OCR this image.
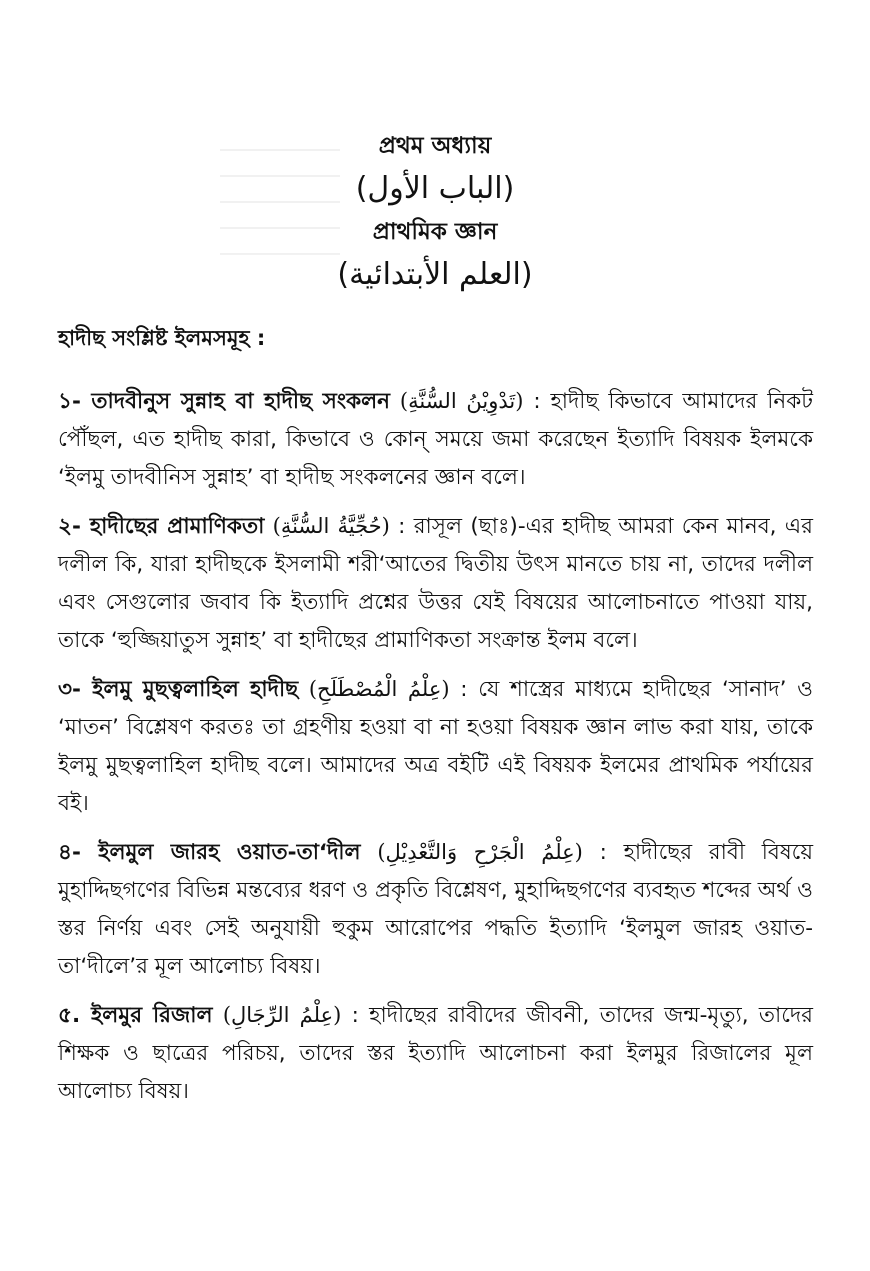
প্রথম অধ্যায়

(الباب الأول)

প্রাথমিক জ্ঞান

(العلم الأبتدائية)

হাদীছ সংশ্লিষ্ট ইলমসমূহ :

১- তাদবীনুস সুন্নাহ বা হাদীছ সংকলন (تَدْوِيْنُ السُّنَّةِ) : হাদীছ কিভাবে আমাদের নিকট পৌঁছল, এত হাদীছ কারা, কিভাবে ও কোন্ সময়ে জমা করেছেন ইত্যাদি বিষয়ক ইলমকে ‘ইলমু তাদবীনিস সুন্নাহ’ বা হাদীছ সংকলনের জ্ঞান বলে।

২- হাদীছের প্রামাণিকতা (حُجِّيَّةُ السُّنَّةِ) : রাসূল (ছাঃ)-এর হাদীছ আমরা কেন মানব, এর দলীল কি, যারা হাদীছকে ইসলামী শরী‘আতের দ্বিতীয় উৎস মানতে চায় না, তাদের দলীল এবং সেগুলোর জবাব কি ইত্যাদি প্রশ্নের উত্তর যেই বিষয়ের আলোচনাতে পাওয়া যায়, তাকে ‘হুজ্জিয়াতুস সুন্নাহ’ বা হাদীছের প্রামাণিকতা সংক্রান্ত ইলম বলে।

৩- ইলমু মুছত্বলাহিল হাদীছ (عِلْمُ الْمُصْطَلَحِ) : যে শাস্ত্রের মাধ্যমে হাদীছের ‘সানাদ’ ও ‘মাতন’ বিশ্লেষণ করতঃ তা গ্রহণীয় হওয়া বা না হওয়া বিষয়ক জ্ঞান লাভ করা যায়, তাকে ইলমু মুছত্বলাহিল হাদীছ বলে। আমাদের অত্র বইটি এই বিষয়ক ইলমের প্রাথমিক পর্যায়ের বই।

৪- ইলমুল জারহ ওয়াত-তা‘দীল (عِلْمُ الْجَرْحِ وَالتَّعْدِيْلِ) : হাদীছের রাবী বিষয়ে মুহাদ্দিছগণের বিভিন্ন মন্তব্যের ধরণ ও প্রকৃতি বিশ্লেষণ, মুহাদ্দিছগণের ব্যবহৃত শব্দের অর্থ ও স্তর নির্ণয় এবং সেই অনুযায়ী হুকুম আরোপের পদ্ধতি ইত্যাদি ‘ইলমুল জারহ ওয়াত-তা‘দীলে’র মূল আলোচ্য বিষয়।

৫. ইলমুর রিজাল (عِلْمُ الرِّجَالِ) : হাদীছের রাবীদের জীবনী, তাদের জন্ম-মৃত্যু, তাদের শিক্ষক ও ছাত্রের পরিচয়, তাদের স্তর ইত্যাদি আলোচনা করা ইলমুর রিজালের মূল আলোচ্য বিষয়।
